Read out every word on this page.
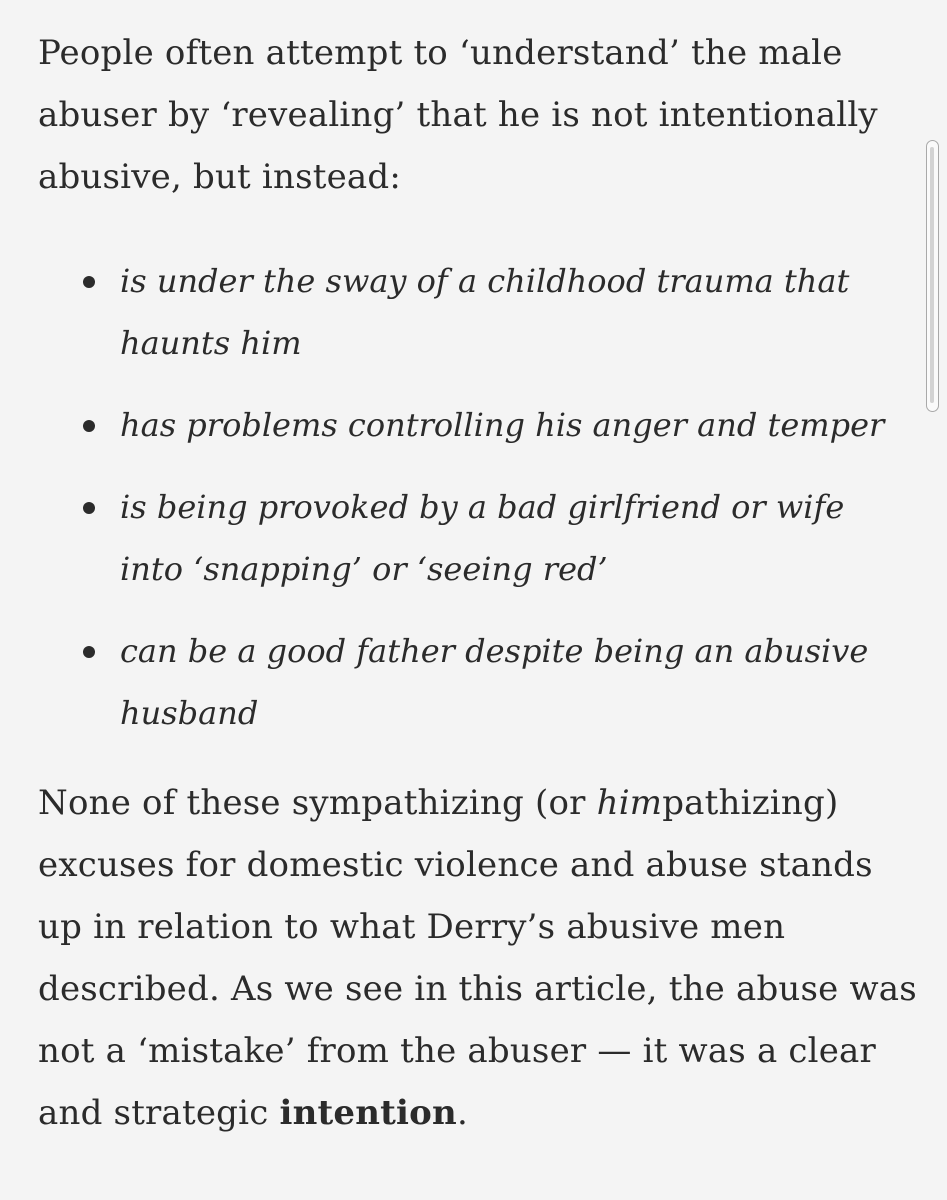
People often attempt to ‘understand’ the male abuser by ‘revealing’ that he is not intentionally abusive, but instead:

is under the sway of a childhood trauma that haunts him
has problems controlling his anger and temper
is being provoked by a bad girlfriend or wife into ‘snapping’ or ‘seeing red’
can be a good father despite being an abusive husband

None of these sympathizing (or himpathizing) excuses for domestic violence and abuse stands up in relation to what Derry’s abusive men described. As we see in this article, the abuse was not a ‘mistake’ from the abuser — it was a clear and strategic intention.
